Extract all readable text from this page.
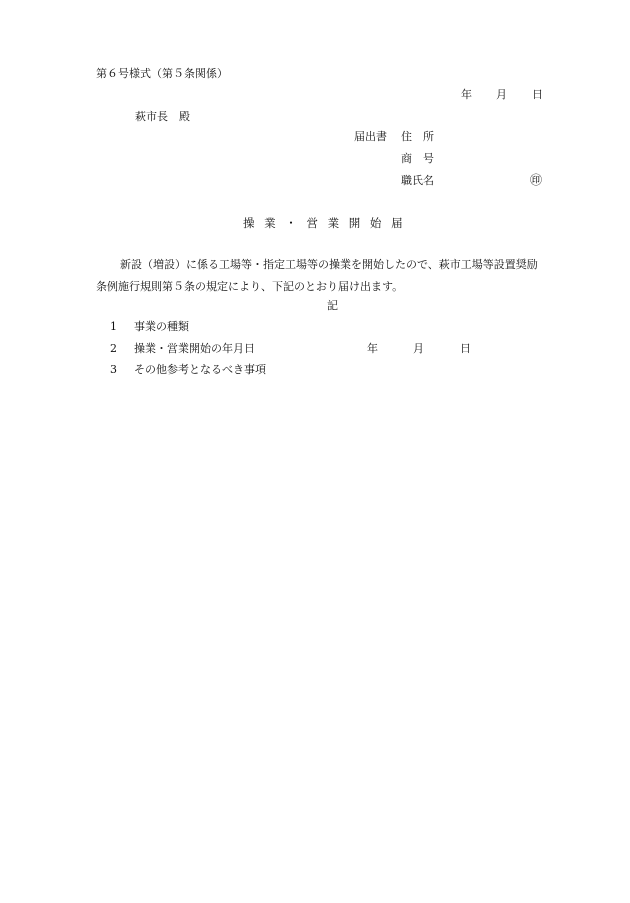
第６号様式（第５条関係）
年 月 日
萩市長　殿
届出書 住　所
商　号
職氏名	㊞
操 業 ・ 営 業 開 始 届
新設（増設）に係る工場等・指定工場等の操業を開始したので、萩市工場等設置奨励
条例施行規則第５条の規定により、下記のとおり届け出ます。
記
1 事業の種類
2 操業・営業開始の年月日	年	月	日
3 その他参考となるべき事項
